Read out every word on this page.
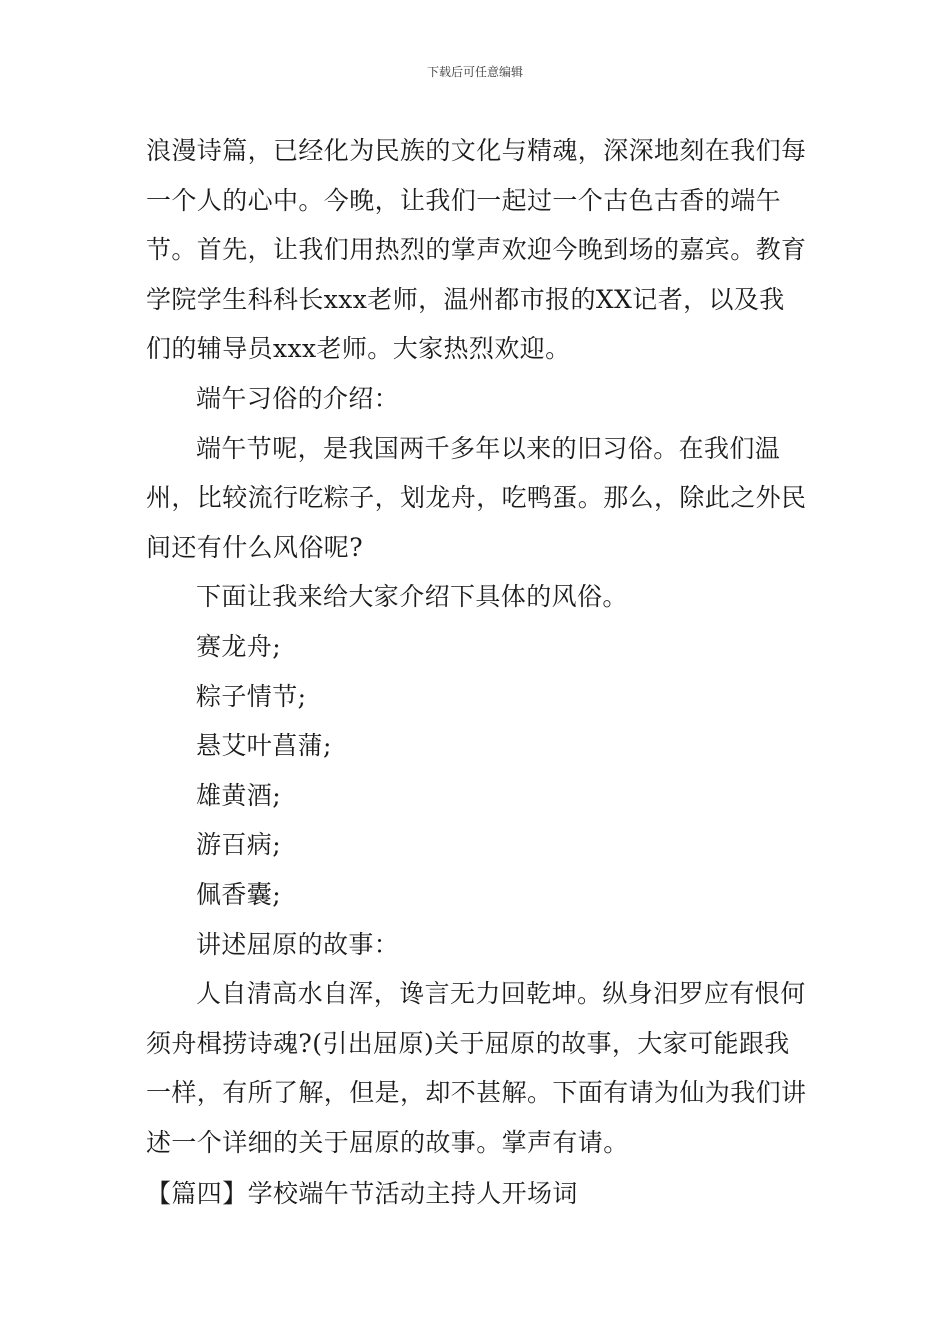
下载后可任意编辑

浪漫诗篇，已经化为民族的文化与精魂，深深地刻在我们每一个人的心中。今晚，让我们一起过一个古色古香的端午节。首先，让我们用热烈的掌声欢迎今晚到场的嘉宾。教育学院学生科科长xxx老师，温州都市报的XX记者，以及我们的辅导员xxx老师。大家热烈欢迎。

端午习俗的介绍：

端午节呢，是我国两千多年以来的旧习俗。在我们温州，比较流行吃粽子，划龙舟，吃鸭蛋。那么，除此之外民间还有什么风俗呢?

下面让我来给大家介绍下具体的风俗。

赛龙舟;

粽子情节;

悬艾叶菖蒲;

雄黄酒;

游百病;

佩香囊;

讲述屈原的故事：

人自清高水自浑，谗言无力回乾坤。纵身汨罗应有恨何须舟楫捞诗魂?(引出屈原)关于屈原的故事，大家可能跟我一样，有所了解，但是，却不甚解。下面有请为仙为我们讲述一个详细的关于屈原的故事。掌声有请。

【篇四】学校端午节活动主持人开场词
